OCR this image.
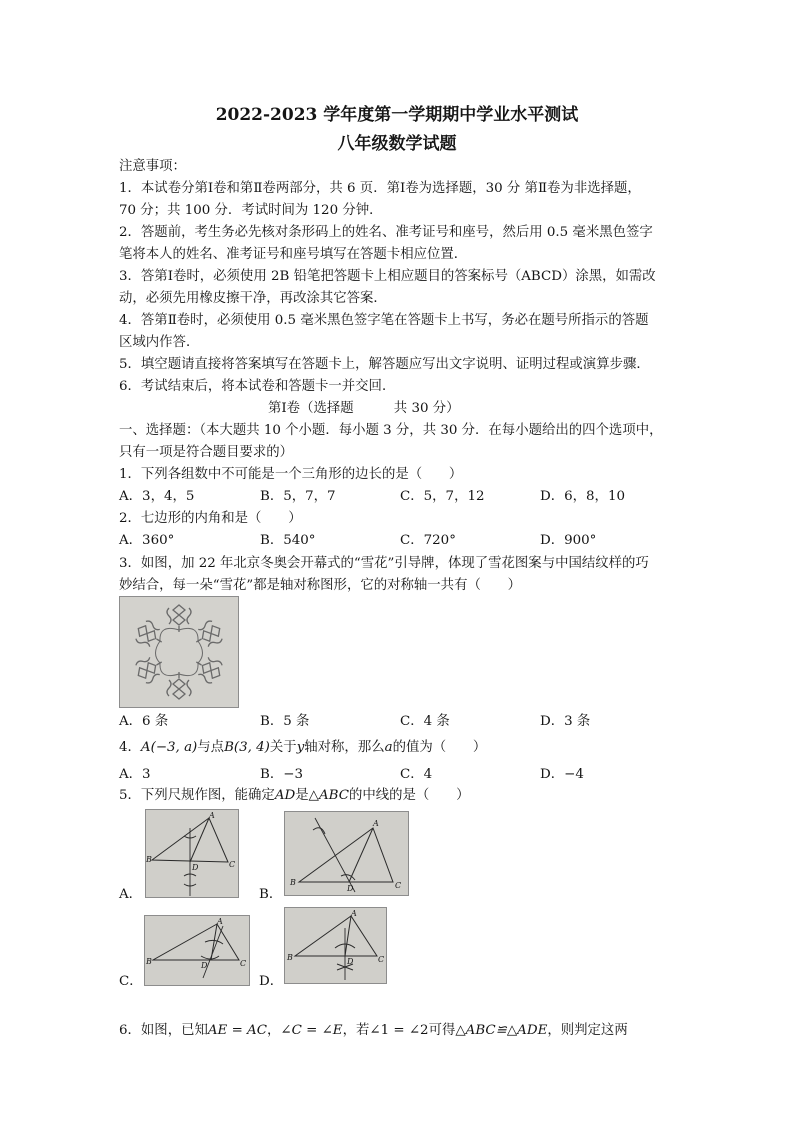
2022-2023 学年度第一学期期中学业水平测试
八年级数学试题
注意事项：
1．本试卷分第Ⅰ卷和第Ⅱ卷两部分，共 6 页．第Ⅰ卷为选择题，30 分 第Ⅱ卷为非选择题，
70 分；共 100 分．考试时间为 120 分钟．
2．答题前，考生务必先核对条形码上的姓名、准考证号和座号，然后用 0.5 毫米黑色签字
笔将本人的姓名、准考证号和座号填写在答题卡相应位置．
3．答第Ⅰ卷时，必须使用 2B 铅笔把答题卡上相应题目的答案标号（ABCD）涂黑，如需改
动，必须先用橡皮擦干净，再改涂其它答案．
4．答第Ⅱ卷时，必须使用 0.5 毫米黑色签字笔在答题卡上书写，务必在题号所指示的答题
区域内作答．
5．填空题请直接将答案填写在答题卡上，解答题应写出文字说明、证明过程或演算步骤．
6．考试结束后，将本试卷和答题卡一并交回．
第Ⅰ卷（选择题　　　共 30 分）
一、选择题：（本大题共 10 个小题．每小题 3 分，共 30 分．在每小题给出的四个选项中，
只有一项是符合题目要求的）
1．下列各组数中不可能是一个三角形的边长的是（　　）
A．3，4，5	B．5，7，7	C．5，7，12	D．6，8，10
2．七边形的内角和是（　　）
A．360°	B．540°	C．720°	D．900°
3．如图，加 22 年北京冬奥会开幕式的“雪花”引导牌，体现了雪花图案与中国结纹样的巧
妙结合，每一朵“雪花”都是轴对称图形，它的对称轴一共有（　　）
A．6 条	B．5 条	C．4 条	D．3 条
4．A(−3, a)与点B(3, 4)关于y轴对称，那么a的值为（　　）
A．3	B．−3	C．4	D．−4
5．下列尺规作图，能确定AD是△ABC的中线的是（　　）
A
B
C
D
A．
A
B	C
D
B．
A
B	C
D
C．
A
B	C
D
D．
6．如图，已知AE = AC，∠C = ∠E，若∠1 = ∠2可得△ABC≌△ADE，则判定这两
